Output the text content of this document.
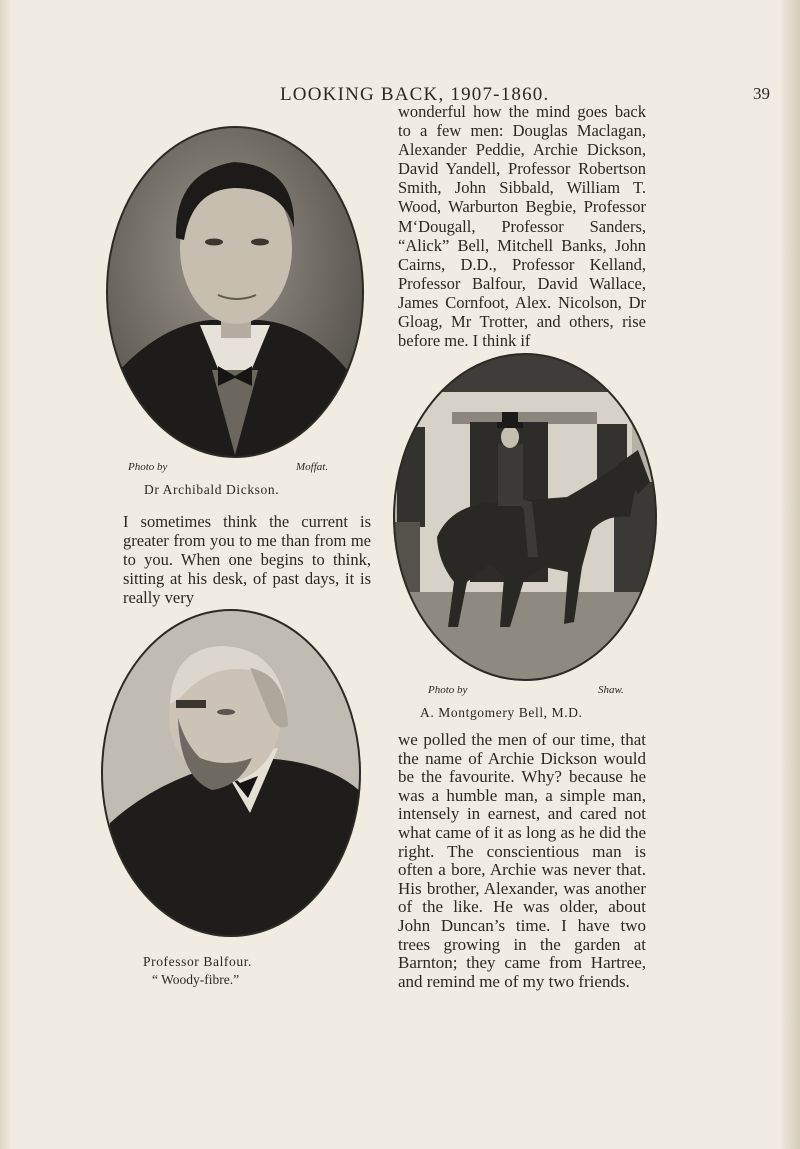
LOOKING BACK, 1907-1860.	39
Photo by	Moffat.
Dr Archibald Dickson.

wonderful how the mind goes back to a few men: Douglas Maclagan, Alexander Peddie, Archie Dickson, David Yandell, Professor Robertson Smith, John Sibbald, William T. Wood, Warburton Begbie, Professor M‘Dougall, Professor Sanders, “Alick” Bell, Mitchell Banks, John Cairns, D.D., Professor Kelland, Professor Balfour, David Wallace, James Cornfoot, Alex. Nicolson, Dr Gloag, Mr Trotter, and others, rise before me. I think if

I sometimes think the current is greater from you to me than from me to you. When one begins to think, sitting at his desk, of past days, it is really very

Photo by	Shaw.
A. Montgomery Bell, M.D.
Professor Balfour.
“ Woody-fibre.”

we polled the men of our time, that the name of Archie Dickson would be the favourite. Why? because he was a humble man, a simple man, intensely in earnest, and cared not what came of it as long as he did the right. The conscientious man is often a bore, Archie was never that. His brother, Alexander, was another of the like. He was older, about John Duncan’s time. I have two trees growing in the garden at Barnton; they came from Hartree, and remind me of my two friends.
